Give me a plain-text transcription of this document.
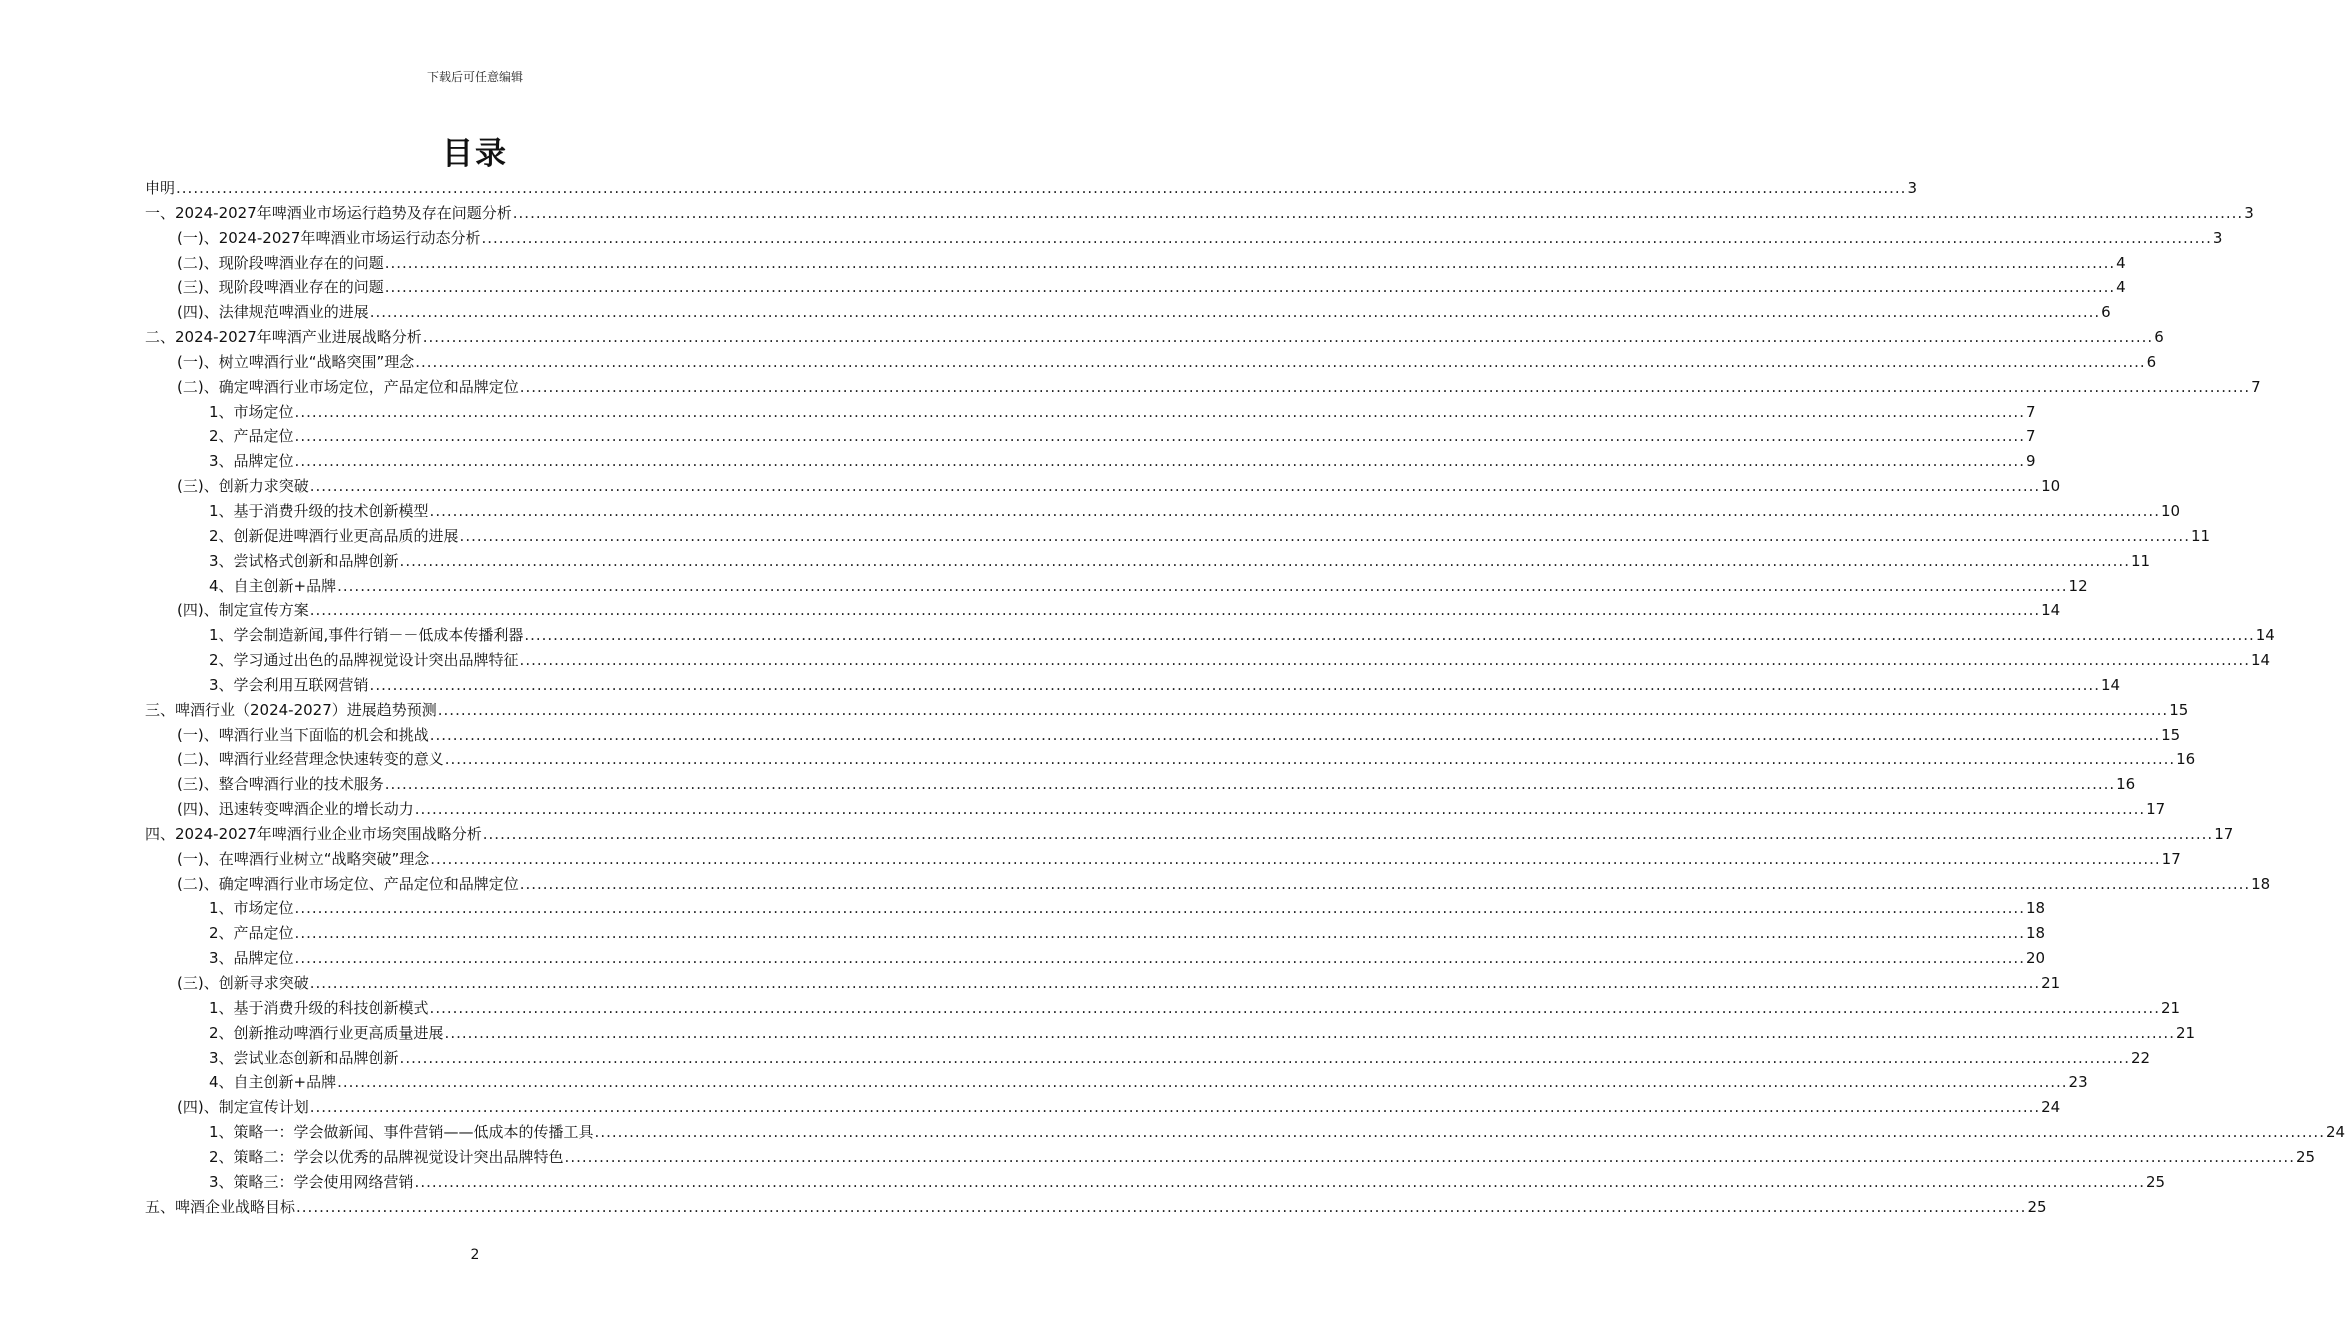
下载后可任意编辑
目录
申明 ............................................................................................................................................................................................................................................................................................................ 3
一、2024-2027年啤酒业市场运行趋势及存在问题分析 ............................................................................................................................................................................................................................................................................................................ 3
(一)、2024-2027年啤酒业市场运行动态分析 ............................................................................................................................................................................................................................................................................................................ 3
(二)、现阶段啤酒业存在的问题 ............................................................................................................................................................................................................................................................................................................ 4
(三)、现阶段啤酒业存在的问题 ............................................................................................................................................................................................................................................................................................................ 4
(四)、法律规范啤酒业的进展 ............................................................................................................................................................................................................................................................................................................ 6
二、2024-2027年啤酒产业进展战略分析 ............................................................................................................................................................................................................................................................................................................ 6
(一)、树立啤酒行业“战略突围”理念 ............................................................................................................................................................................................................................................................................................................ 6
(二)、确定啤酒行业市场定位，产品定位和品牌定位 ............................................................................................................................................................................................................................................................................................................ 7
1、市场定位 ............................................................................................................................................................................................................................................................................................................ 7
2、产品定位 ............................................................................................................................................................................................................................................................................................................ 7
3、品牌定位 ............................................................................................................................................................................................................................................................................................................ 9
(三)、创新力求突破 ............................................................................................................................................................................................................................................................................................................ 10
1、基于消费升级的技术创新模型 ............................................................................................................................................................................................................................................................................................................ 10
2、创新促进啤酒行业更高品质的进展 ............................................................................................................................................................................................................................................................................................................ 11
3、尝试格式创新和品牌创新 ............................................................................................................................................................................................................................................................................................................ 11
4、自主创新+品牌 ............................................................................................................................................................................................................................................................................................................ 12
(四)、制定宣传方案 ............................................................................................................................................................................................................................................................................................................ 14
1、学会制造新闻,事件行销－－低成本传播利器 ............................................................................................................................................................................................................................................................................................................ 14
2、学习通过出色的品牌视觉设计突出品牌特征 ............................................................................................................................................................................................................................................................................................................ 14
3、学会利用互联网营销 ............................................................................................................................................................................................................................................................................................................ 14
三、啤酒行业（2024-2027）进展趋势预测 ............................................................................................................................................................................................................................................................................................................ 15
(一)、啤酒行业当下面临的机会和挑战 ............................................................................................................................................................................................................................................................................................................ 15
(二)、啤酒行业经营理念快速转变的意义 ............................................................................................................................................................................................................................................................................................................ 16
(三)、整合啤酒行业的技术服务 ............................................................................................................................................................................................................................................................................................................ 16
(四)、迅速转变啤酒企业的增长动力 ............................................................................................................................................................................................................................................................................................................ 17
四、2024-2027年啤酒行业企业市场突围战略分析 ............................................................................................................................................................................................................................................................................................................ 17
(一)、在啤酒行业树立“战略突破”理念 ............................................................................................................................................................................................................................................................................................................ 17
(二)、确定啤酒行业市场定位、产品定位和品牌定位 ............................................................................................................................................................................................................................................................................................................ 18
1、市场定位 ............................................................................................................................................................................................................................................................................................................ 18
2、产品定位 ............................................................................................................................................................................................................................................................................................................ 18
3、品牌定位 ............................................................................................................................................................................................................................................................................................................ 20
(三)、创新寻求突破 ............................................................................................................................................................................................................................................................................................................ 21
1、基于消费升级的科技创新模式 ............................................................................................................................................................................................................................................................................................................ 21
2、创新推动啤酒行业更高质量进展 ............................................................................................................................................................................................................................................................................................................ 21
3、尝试业态创新和品牌创新 ............................................................................................................................................................................................................................................................................................................ 22
4、自主创新+品牌 ............................................................................................................................................................................................................................................................................................................ 23
(四)、制定宣传计划 ............................................................................................................................................................................................................................................................................................................ 24
1、策略一：学会做新闻、事件营销——低成本的传播工具 ............................................................................................................................................................................................................................................................................................................ 24
2、策略二：学会以优秀的品牌视觉设计突出品牌特色 ............................................................................................................................................................................................................................................................................................................ 25
3、策略三：学会使用网络营销 ............................................................................................................................................................................................................................................................................................................ 25
五、啤酒企业战略目标 ............................................................................................................................................................................................................................................................................................................ 25
2
